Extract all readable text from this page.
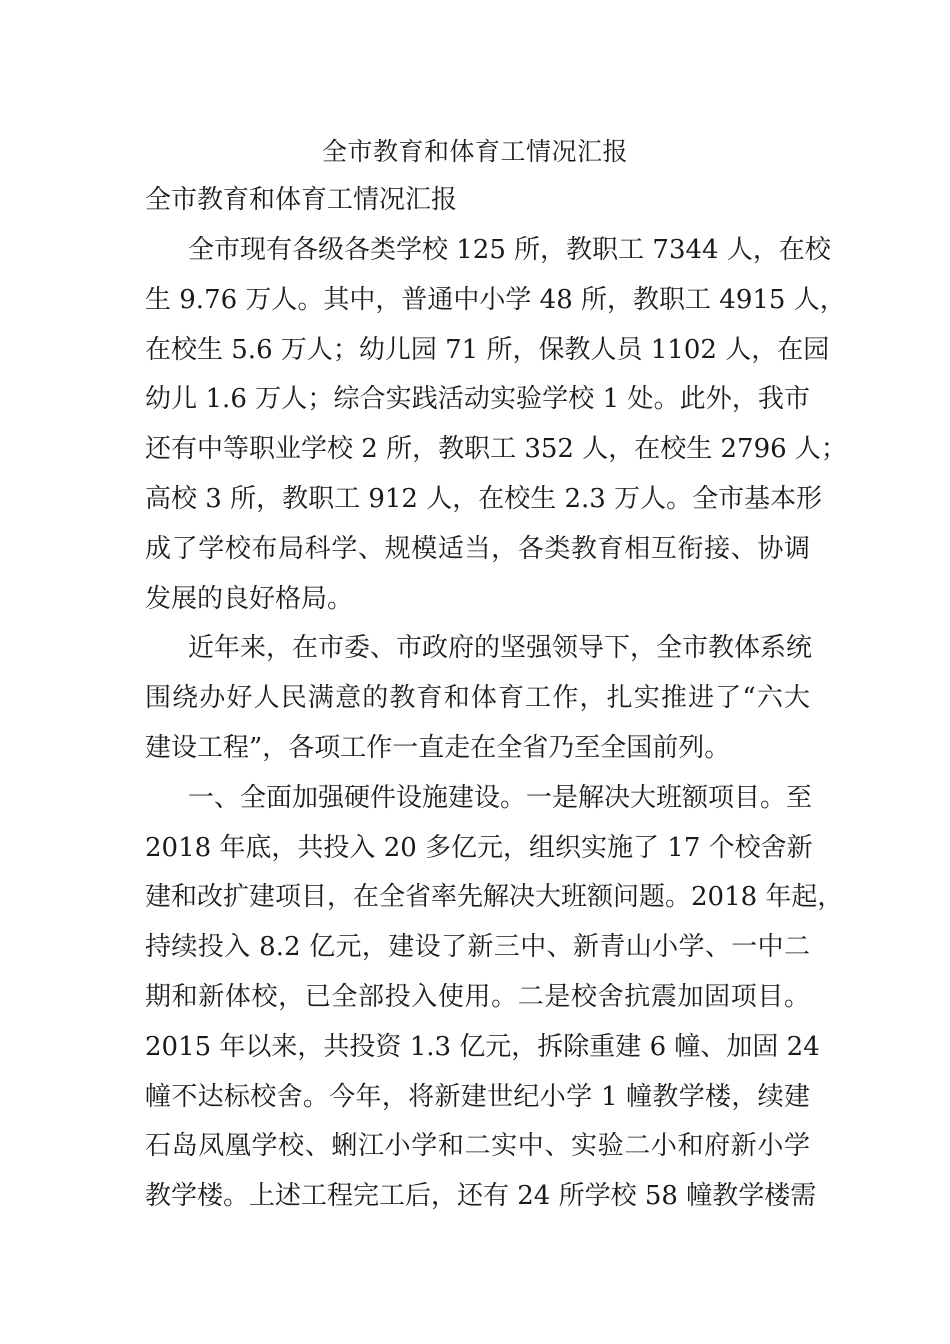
全市教育和体育工情况汇报
全市教育和体育工情况汇报
全市现有各级各类学校 125 所，教职工 7344 人，在校
生 9.76 万人。其中，普通中小学 48 所，教职工 4915 人，
在校生 5.6 万人；幼儿园 71 所，保教人员 1102 人，在园
幼儿 1.6 万人；综合实践活动实验学校 1 处。此外，我市
还有中等职业学校 2 所，教职工 352 人，在校生 2796 人；
高校 3 所，教职工 912 人，在校生 2.3 万人。全市基本形
成了学校布局科学、规模适当，各类教育相互衔接、协调
发展的良好格局。
近年来，在市委、市政府的坚强领导下，全市教体系统
围绕办好人民满意的教育和体育工作，扎实推进了“六大
建设工程”，各项工作一直走在全省乃至全国前列。
一、全面加强硬件设施建设。一是解决大班额项目。至
2018 年底，共投入 20 多亿元，组织实施了 17 个校舍新
建和改扩建项目，在全省率先解决大班额问题。2018 年起，
持续投入 8.2 亿元，建设了新三中、新青山小学、一中二
期和新体校，已全部投入使用。二是校舍抗震加固项目。
2015 年以来，共投资 1.3 亿元，拆除重建 6 幢、加固 24
幢不达标校舍。今年，将新建世纪小学 1 幢教学楼，续建
石岛凤凰学校、蜊江小学和二实中、实验二小和府新小学
教学楼。上述工程完工后，还有 24 所学校 58 幢教学楼需
